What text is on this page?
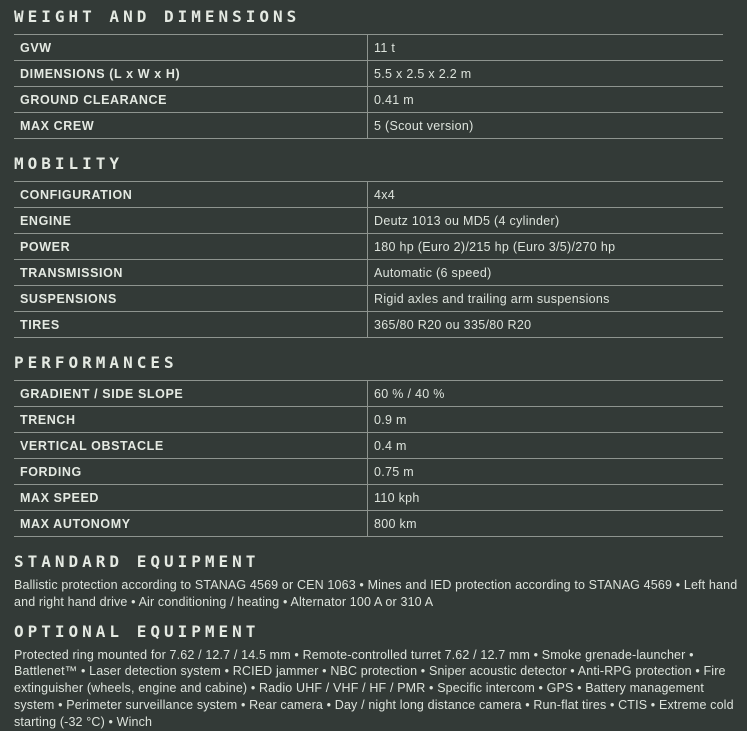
WEIGHT AND DIMENSIONS
GVW	11 t
DIMENSIONS (L x W x H)	5.5 x 2.5 x 2.2 m
GROUND CLEARANCE	0.41 m
MAX CREW	5 (Scout version)
MOBILITY
CONFIGURATION	4x4
ENGINE	Deutz 1013 ou MD5 (4 cylinder)
POWER	180 hp (Euro 2)/215 hp (Euro 3/5)/270 hp
TRANSMISSION	Automatic (6 speed)
SUSPENSIONS	Rigid axles and trailing arm suspensions
TIRES	365/80 R20 ou 335/80 R20
PERFORMANCES
GRADIENT / SIDE SLOPE	60 % / 40 %
TRENCH	0.9 m
VERTICAL OBSTACLE	0.4 m
FORDING	0.75 m
MAX SPEED	110 kph
MAX AUTONOMY	800 km
STANDARD EQUIPMENT

Ballistic protection according to STANAG 4569 or CEN 1063 • Mines and IED protection according to STANAG 4569 • Left hand and right hand drive • Air conditioning / heating • Alternator 100 A or 310 A

OPTIONAL EQUIPMENT

Protected ring mounted for 7.62 / 12.7 / 14.5 mm • Remote-controlled turret 7.62 / 12.7 mm • Smoke grenade-launcher • Battlenet™ • Laser detection system • RCIED jammer • NBC protection • Sniper acoustic detector • Anti-RPG protection • Fire extinguisher (wheels, engine and cabine) • Radio UHF / VHF / HF / PMR • Specific intercom • GPS • Battery management system • Perimeter surveillance system • Rear camera • Day / night long distance camera • Run-flat tires • CTIS • Extreme cold starting (-32 °C) • Winch
